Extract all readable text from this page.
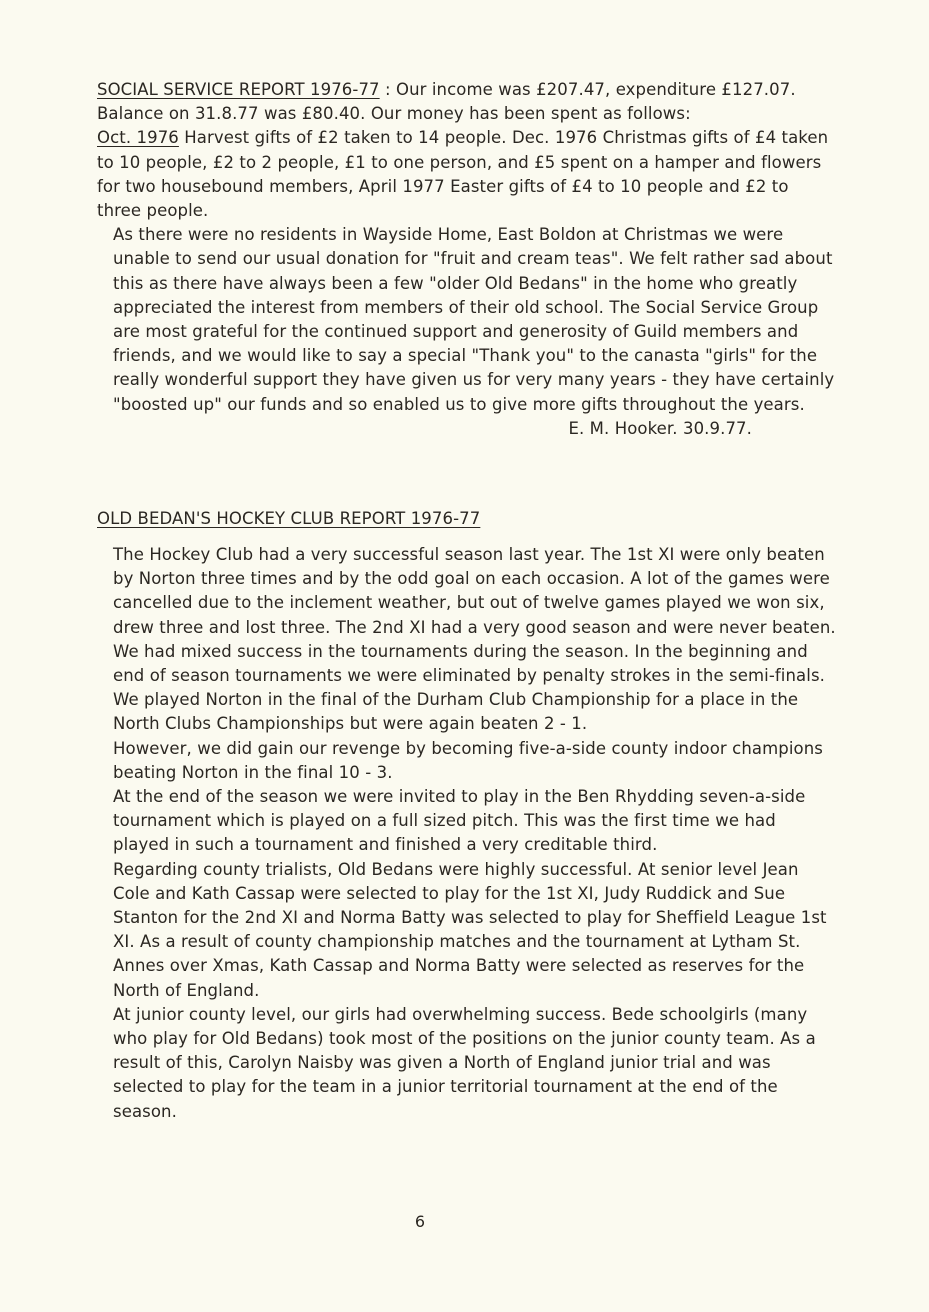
SOCIAL SERVICE REPORT 1976-77 : Our income was £207.47, expenditure £127.07. Balance on 31.8.77 was £80.40. Our money has been spent as follows:

Oct. 1976 Harvest gifts of £2 taken to 14 people. Dec. 1976 Christmas gifts of £4 taken to 10 people, £2 to 2 people, £1 to one person, and £5 spent on a hamper and flowers for two housebound members, April 1977 Easter gifts of £4 to 10 people and £2 to three people.

As there were no residents in Wayside Home, East Boldon at Christmas we were unable to send our usual donation for "fruit and cream teas". We felt rather sad about this as there have always been a few "older Old Bedans" in the home who greatly appreciated the interest from members of their old school. The Social Service Group are most grateful for the continued support and generosity of Guild members and friends, and we would like to say a special "Thank you" to the canasta "girls" for the really wonderful support they have given us for very many years - they have certainly "boosted up" our funds and so enabled us to give more gifts throughout the years.

E. M. Hooker. 30.9.77.

OLD BEDAN'S HOCKEY CLUB REPORT 1976-77

The Hockey Club had a very successful season last year. The 1st XI were only beaten by Norton three times and by the odd goal on each occasion. A lot of the games were cancelled due to the inclement weather, but out of twelve games played we won six, drew three and lost three. The 2nd XI had a very good season and were never beaten.

We had mixed success in the tournaments during the season. In the beginning and end of season tournaments we were eliminated by penalty strokes in the semi-finals.

We played Norton in the final of the Durham Club Championship for a place in the North Clubs Championships but were again beaten 2 - 1.

However, we did gain our revenge by becoming five-a-side county indoor champions beating Norton in the final 10 - 3.

At the end of the season we were invited to play in the Ben Rhydding seven-a-side tournament which is played on a full sized pitch. This was the first time we had played in such a tournament and finished a very creditable third.

Regarding county trialists, Old Bedans were highly successful. At senior level Jean Cole and Kath Cassap were selected to play for the 1st XI, Judy Ruddick and Sue Stanton for the 2nd XI and Norma Batty was selected to play for Sheffield League 1st XI. As a result of county championship matches and the tournament at Lytham St. Annes over Xmas, Kath Cassap and Norma Batty were selected as reserves for the North of England.

At junior county level, our girls had overwhelming success. Bede schoolgirls (many who play for Old Bedans) took most of the positions on the junior county team. As a result of this, Carolyn Naisby was given a North of England junior trial and was selected to play for the team in a junior territorial tournament at the end of the season.

6
